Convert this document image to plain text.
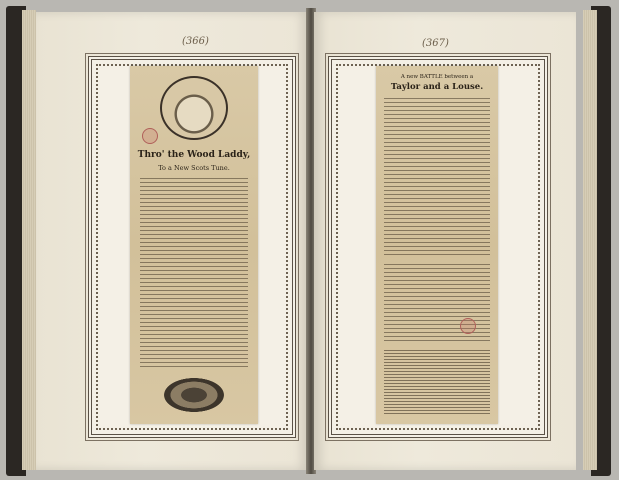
(366)
Thro' the Wood Laddy,
To a New Scots Tune.
(367)
A new BATTLE between a
Taylor and a Louse.
